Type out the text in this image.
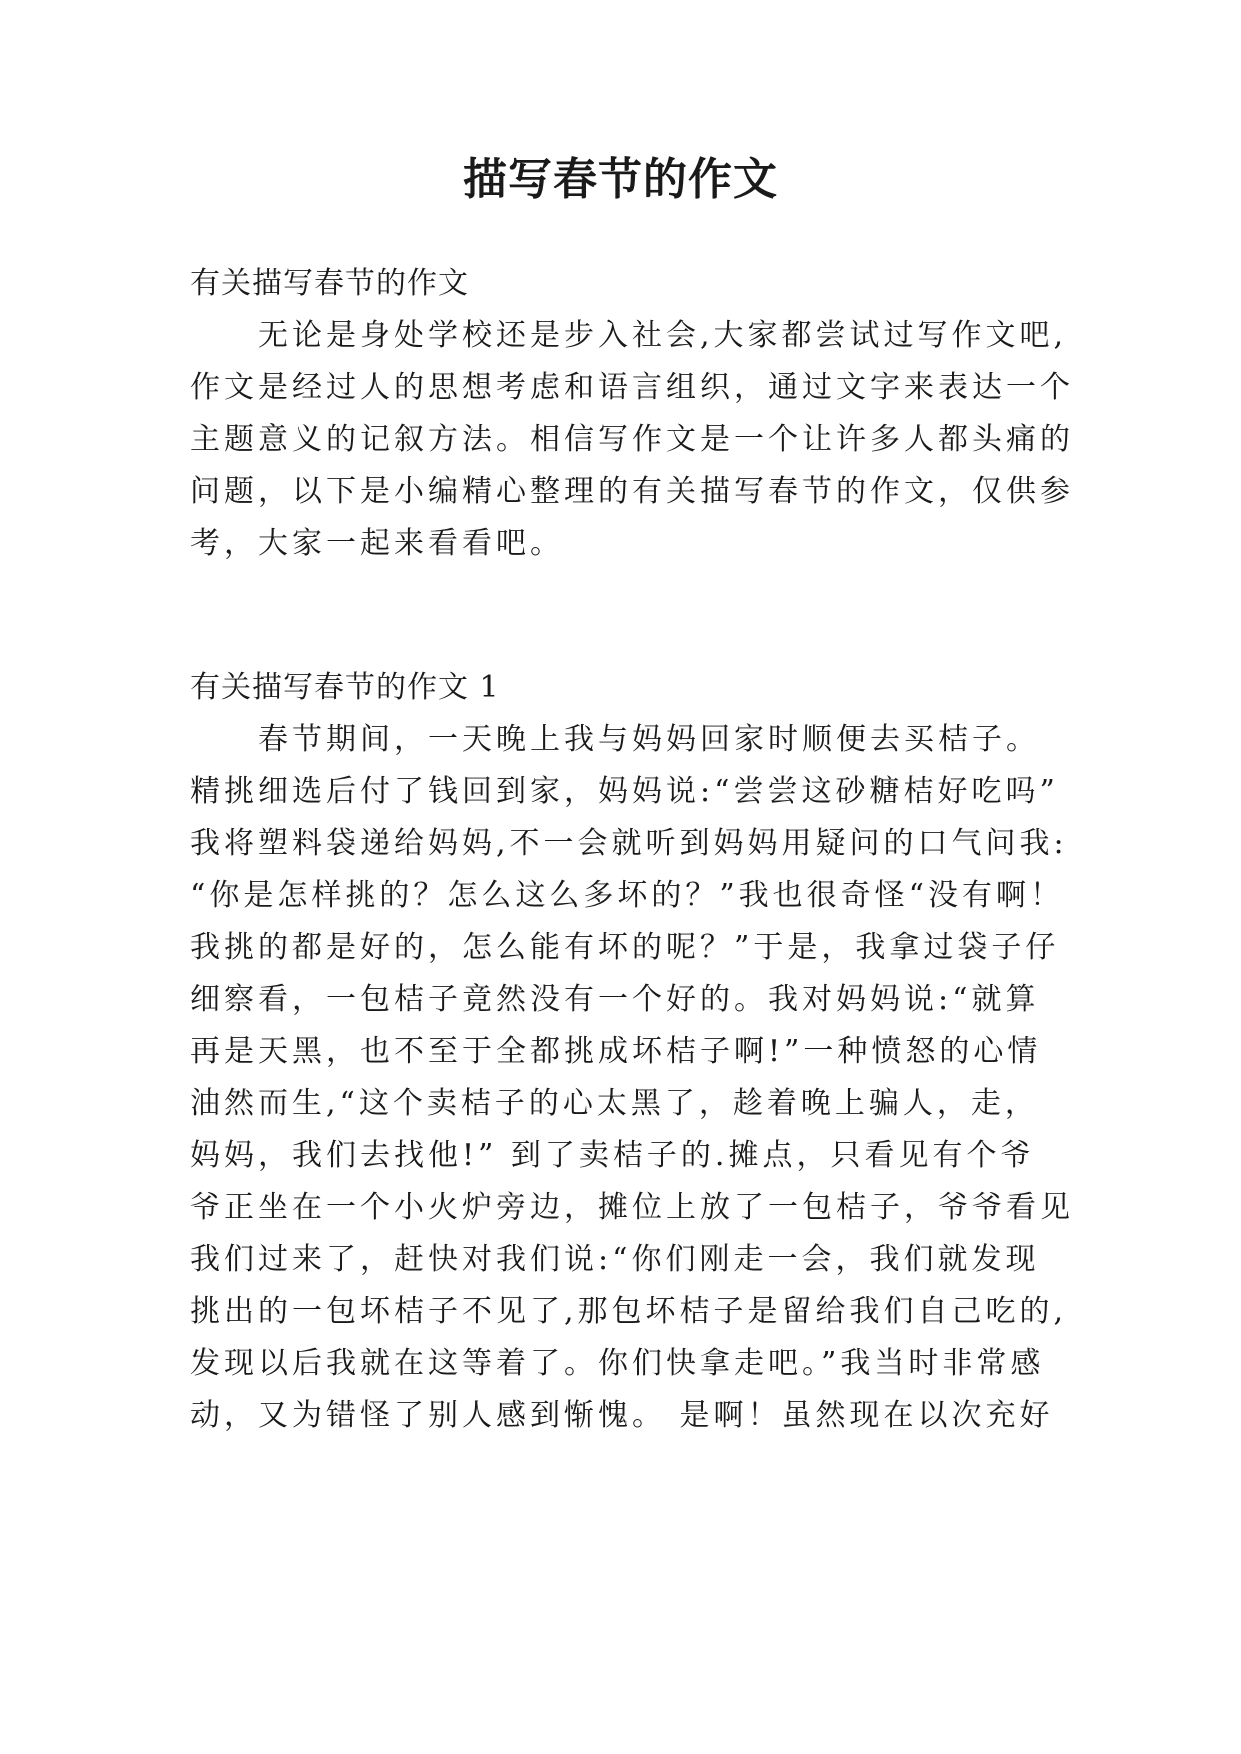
描写春节的作文
有关描写春节的作文
　　无论是身处学校还是步入社会,大家都尝试过写作文吧,
作文是经过人的思想考虑和语言组织，通过文字来表达一个
主题意义的记叙方法。相信写作文是一个让许多人都头痛的
问题，以下是小编精心整理的有关描写春节的作文，仅供参
考，大家一起来看看吧。
有关描写春节的作文 1
　　春节期间，一天晚上我与妈妈回家时顺便去买桔子。
精挑细选后付了钱回到家，妈妈说:“尝尝这砂糖桔好吃吗”
我将塑料袋递给妈妈,不一会就听到妈妈用疑问的口气问我:
“你是怎样挑的？怎么这么多坏的？”我也很奇怪“没有啊！
我挑的都是好的，怎么能有坏的呢？”于是，我拿过袋子仔
细察看，一包桔子竟然没有一个好的。我对妈妈说:“就算
再是天黑，也不至于全都挑成坏桔子啊!”一种愤怒的心情
油然而生,“这个卖桔子的心太黑了，趁着晚上骗人，走，
妈妈，我们去找他!” 到了卖桔子的.摊点，只看见有个爷
爷正坐在一个小火炉旁边，摊位上放了一包桔子，爷爷看见
我们过来了，赶快对我们说:“你们刚走一会，我们就发现
挑出的一包坏桔子不见了,那包坏桔子是留给我们自己吃的,
发现以后我就在这等着了。你们快拿走吧。”我当时非常感
动，又为错怪了别人感到惭愧。 是啊！虽然现在以次充好
